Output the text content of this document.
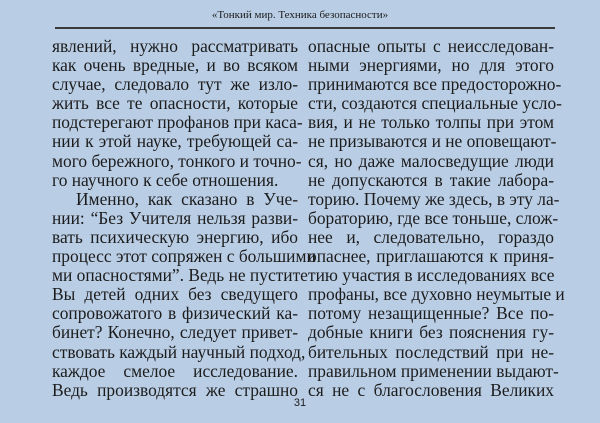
«Тонкий мир. Техника безопасности»
явлений, нужно рассматривать
как очень вредные, и во всяком
случае, следовало тут же изло-
жить все те опасности, которые
подстерегают профанов при каса-
нии к этой науке, требующей са-
мого бережного, тонкого и точно-
го научного к себе отношения.
Именно, как сказано в Уче-
нии: “Без Учителя нельзя разви-
вать психическую энергию, ибо
процесс этот сопряжен с большими
ми опасностями”. Ведь не пустите
Вы детей одних без сведущего
сопровожатого в физический ка-
бинет? Конечно, следует привет-
ствовать каждый научный подход,
каждое смелое исследование.
Ведь производятся же страшно
опасные опыты с неисследован-
ными энергиями, но для этого
принимаются все предосторожно-
сти, создаются специальные усло-
вия, и не только толпы при этом
не призываются и не оповещают-
ся, но даже малосведущие люди
не допускаются в такие лабора-
торию. Почему же здесь, в эту ла-
бораторию, где все тоньше, слож-
нее и, следовательно, гораздо
опаснее, приглашаются к приня-
тию участия в исследованиях все
профаны, все духовно неумытые и
потому незащищенные? Все по-
добные книги без пояснения гу-
бительных последствий при не-
правильном применении выдают-
ся не с благословения Великих
31
